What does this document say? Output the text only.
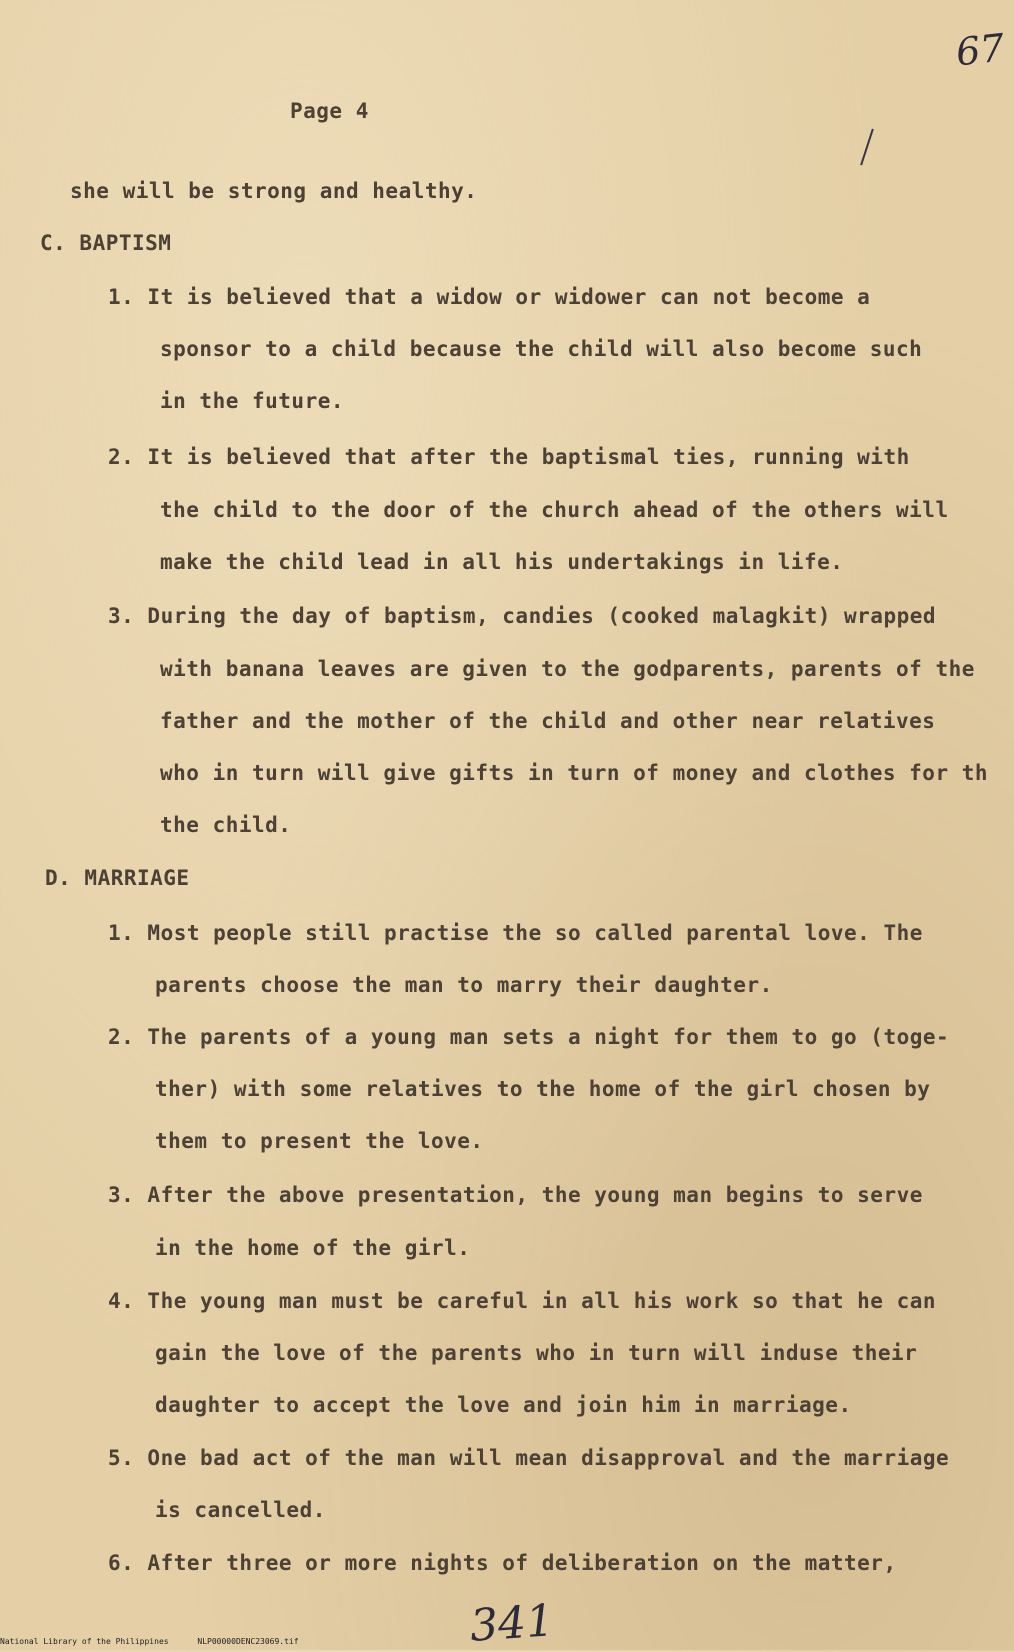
67
Page 4
she will be strong and healthy.
C. BAPTISM
1. It is believed that a widow or widower can not become a
sponsor to a child because the child will also become such
in the future.
2. It is believed that after the baptismal ties, running with
the child to the door of the church ahead of the others will
make the child lead in all his undertakings in life.
3. During the day of baptism, candies (cooked malagkit) wrapped
with banana leaves are given to the godparents, parents of the
father and the mother of the child and other near relatives
who in turn will give gifts in turn of money and clothes for th
the child.
D. MARRIAGE
1. Most people still practise the so called parental love. The
parents choose the man to marry their daughter.
2. The parents of a young man sets a night for them to go (toge-
ther) with some relatives to the home of the girl chosen by
them to present the love.
3. After the above presentation, the young man begins to serve
in the home of the girl.
4. The young man must be careful in all his work so that he can
gain the love of the parents who in turn will induse their
daughter to accept the love and join him in marriage.
5. One bad act of the man will mean disapproval and the marriage
is cancelled.
6. After three or more nights of deliberation on the matter,
341
National Library of the Philippines	NLP00000DENC23069.tif
